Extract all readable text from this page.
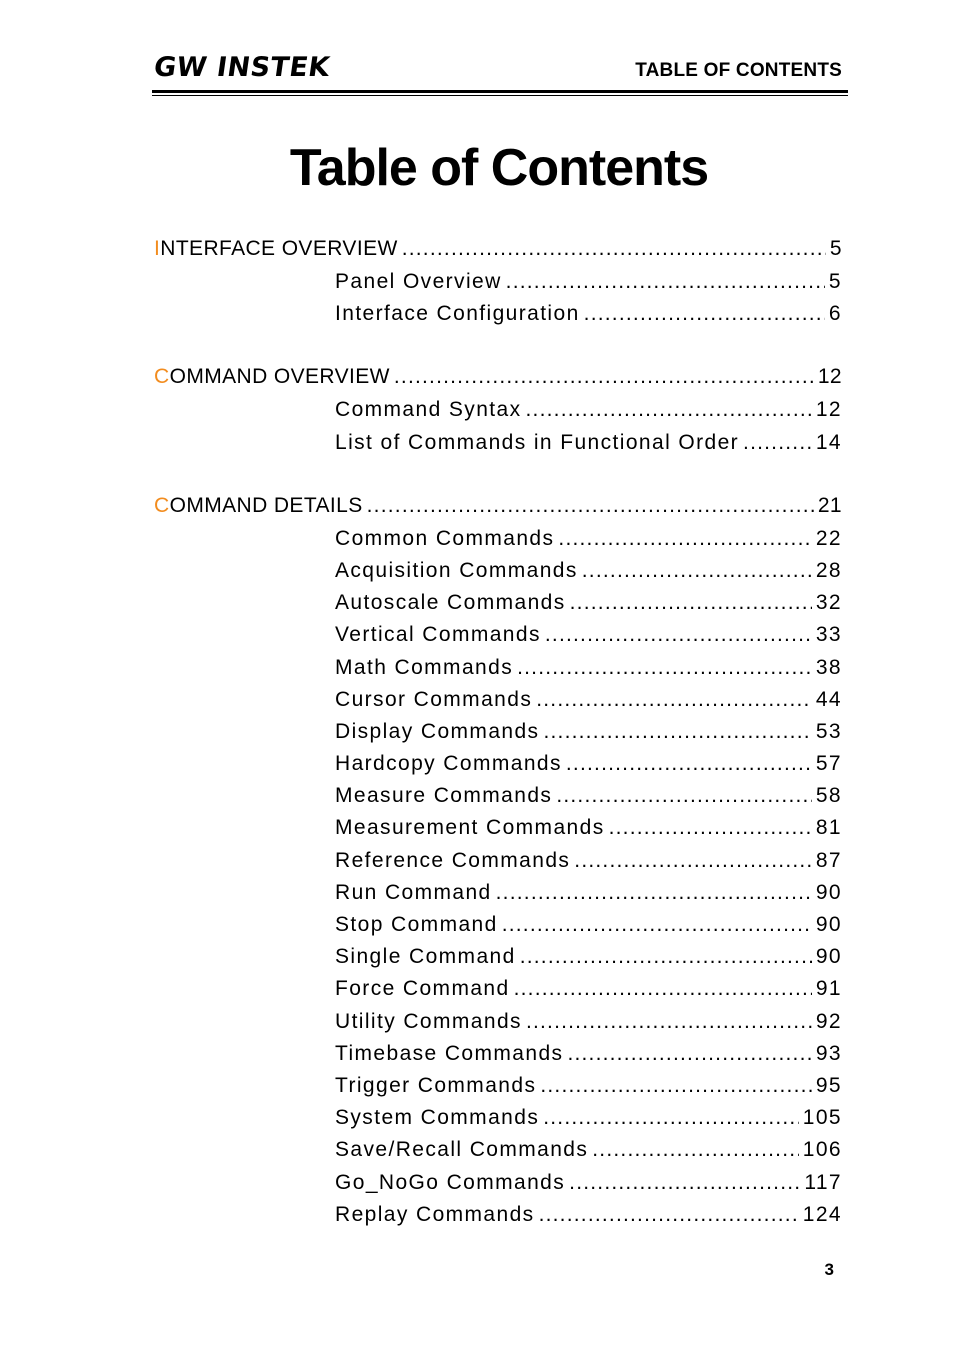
GW INSTEK	TABLE OF CONTENTS
Table of Contents
INTERFACE OVERVIEW .....	5
Panel Overview .....	5
Interface Configuration .....	6
COMMAND OVERVIEW .....	12
Command Syntax .....	12
List of Commands in Functional Order .....	14
COMMAND DETAILS .....	21
Common Commands .....	22
Acquisition Commands .....	28
Autoscale Commands .....	32
Vertical Commands .....	33
Math Commands .....	38
Cursor Commands .....	44
Display Commands .....	53
Hardcopy Commands .....	57
Measure Commands .....	58
Measurement Commands .....	81
Reference Commands .....	87
Run Command .....	90
Stop Command .....	90
Single Command .....	90
Force Command .....	91
Utility Commands .....	92
Timebase Commands .....	93
Trigger Commands .....	95
System Commands .....	105
Save/Recall Commands .....	106
Go_NoGo Commands .....	117
Replay Commands .....	124
3
